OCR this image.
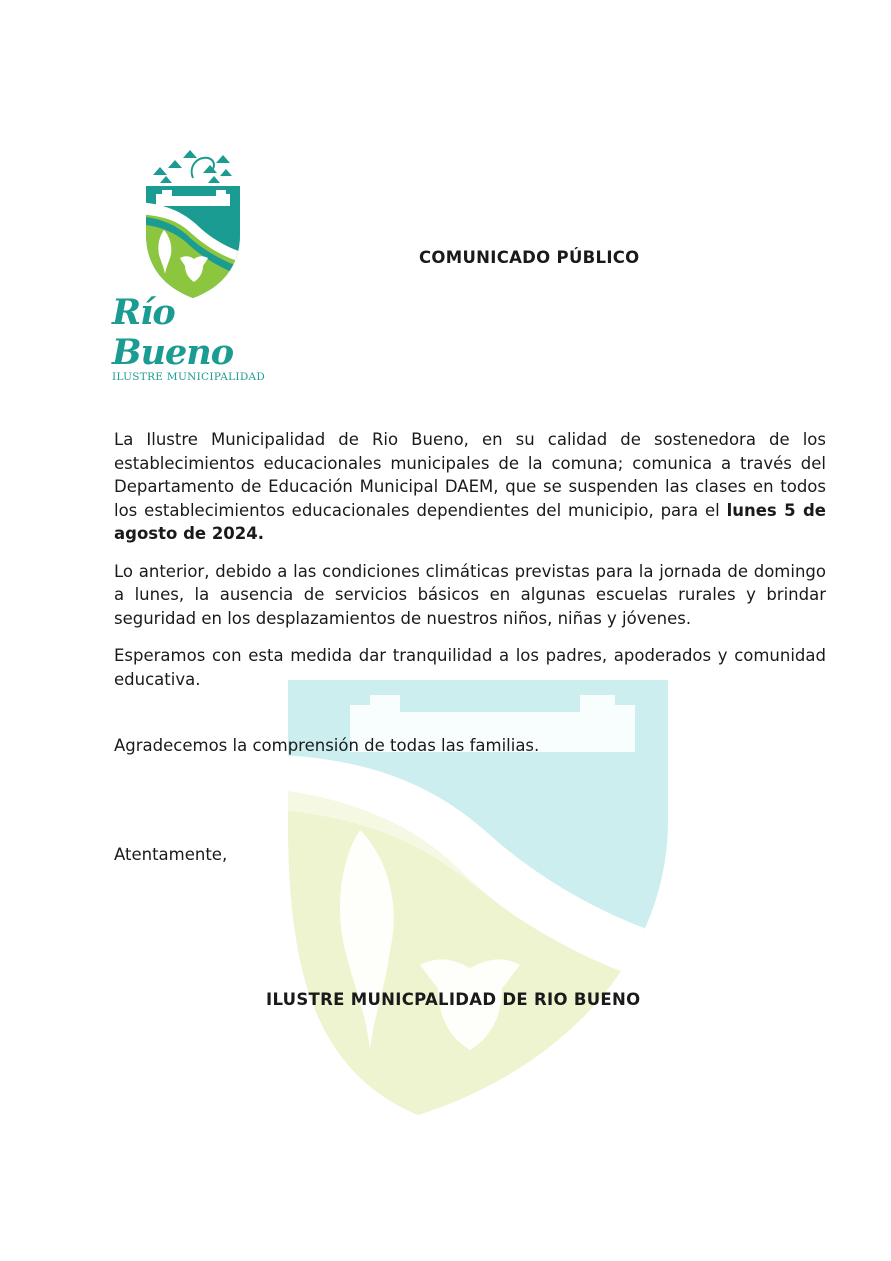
Río Bueno
ILUSTRE MUNICIPALIDAD
COMUNICADO PÚBLICO

La Ilustre Municipalidad de Rio Bueno, en su calidad de sostenedora de los establecimientos educacionales municipales de la comuna; comunica a través del Departamento de Educación Municipal DAEM, que se suspenden las clases en todos los establecimientos educacionales dependientes del municipio, para el lunes 5 de agosto de 2024.

Lo anterior, debido a las condiciones climáticas previstas para la jornada de domingo a lunes, la ausencia de servicios básicos en algunas escuelas rurales y brindar seguridad en los desplazamientos de nuestros niños, niñas y jóvenes.

Esperamos con esta medida dar tranquilidad a los padres, apoderados y comunidad educativa.

Agradecemos la comprensión de todas las familias.
Atentamente,
ILUSTRE MUNICPALIDAD DE RIO BUENO
